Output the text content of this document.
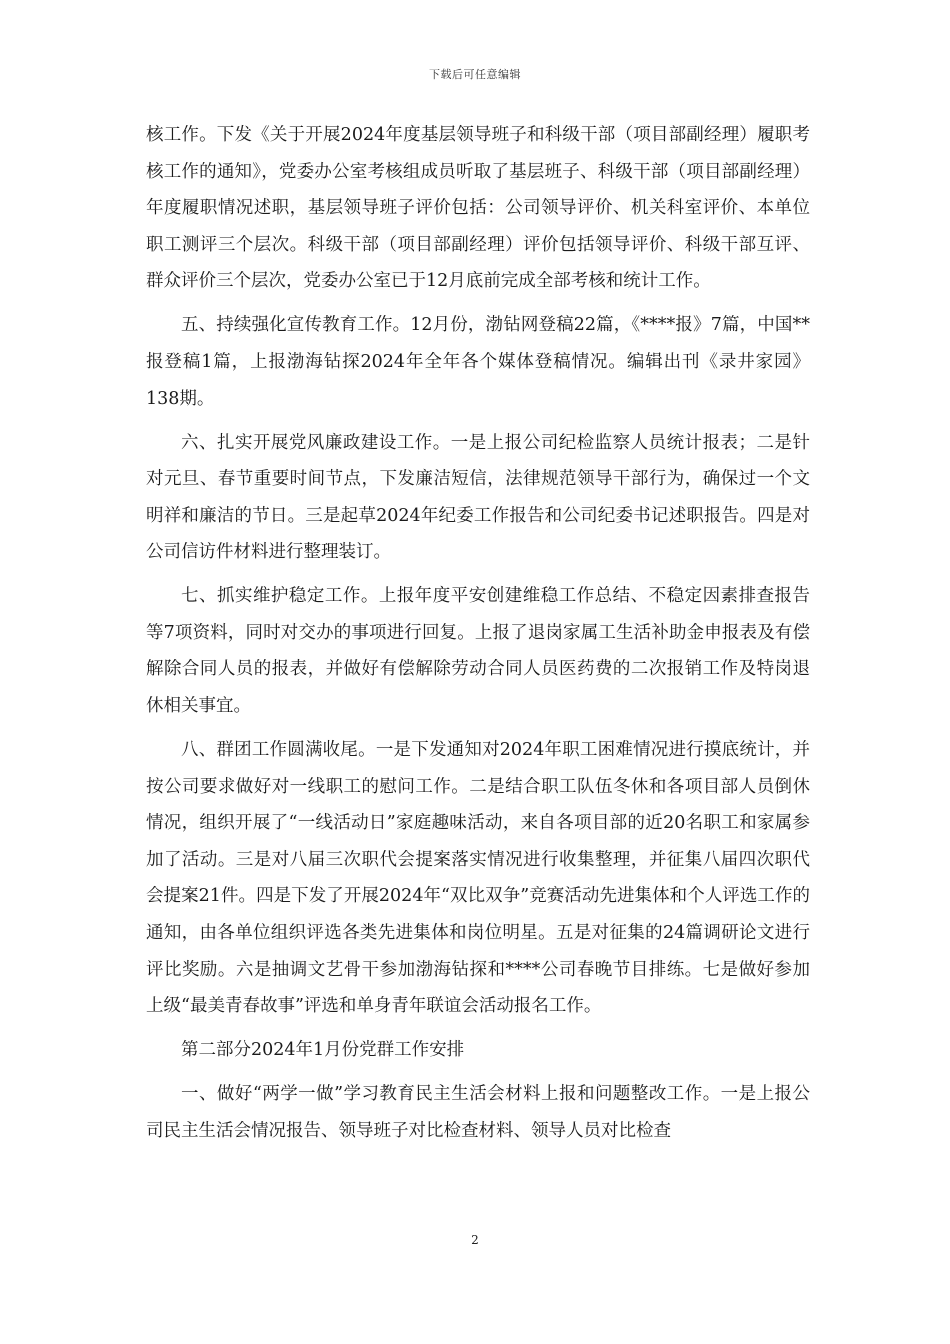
下载后可任意编辑

核工作。下发《关于开展2024年度基层领导班子和科级干部（项目部副经理）履职考核工作的通知》，党委办公室考核组成员听取了基层班子、科级干部（项目部副经理）年度履职情况述职，基层领导班子评价包括：公司领导评价、机关科室评价、本单位职工测评三个层次。科级干部（项目部副经理）评价包括领导评价、科级干部互评、群众评价三个层次，党委办公室已于12月底前完成全部考核和统计工作。

五、持续强化宣传教育工作。12月份，渤钻网登稿22篇，《****报》7篇，中国**报登稿1篇，上报渤海钻探2024年全年各个媒体登稿情况。编辑出刊《录井家园》138期。

六、扎实开展党风廉政建设工作。一是上报公司纪检监察人员统计报表；二是针对元旦、春节重要时间节点，下发廉洁短信，法律规范领导干部行为，确保过一个文明祥和廉洁的节日。三是起草2024年纪委工作报告和公司纪委书记述职报告。四是对公司信访件材料进行整理装订。

七、抓实维护稳定工作。上报年度平安创建维稳工作总结、不稳定因素排查报告等7项资料，同时对交办的事项进行回复。上报了退岗家属工生活补助金申报表及有偿解除合同人员的报表，并做好有偿解除劳动合同人员医药费的二次报销工作及特岗退休相关事宜。

八、群团工作圆满收尾。一是下发通知对2024年职工困难情况进行摸底统计，并按公司要求做好对一线职工的慰问工作。二是结合职工队伍冬休和各项目部人员倒休情况，组织开展了“一线活动日”家庭趣味活动，来自各项目部的近20名职工和家属参加了活动。三是对八届三次职代会提案落实情况进行收集整理，并征集八届四次职代会提案21件。四是下发了开展2024年“双比双争”竞赛活动先进集体和个人评选工作的通知，由各单位组织评选各类先进集体和岗位明星。五是对征集的24篇调研论文进行评比奖励。六是抽调文艺骨干参加渤海钻探和****公司春晚节目排练。七是做好参加上级“最美青春故事”评选和单身青年联谊会活动报名工作。

第二部分2024年1月份党群工作安排

一、做好“两学一做”学习教育民主生活会材料上报和问题整改工作。一是上报公司民主生活会情况报告、领导班子对比检查材料、领导人员对比检查

2
